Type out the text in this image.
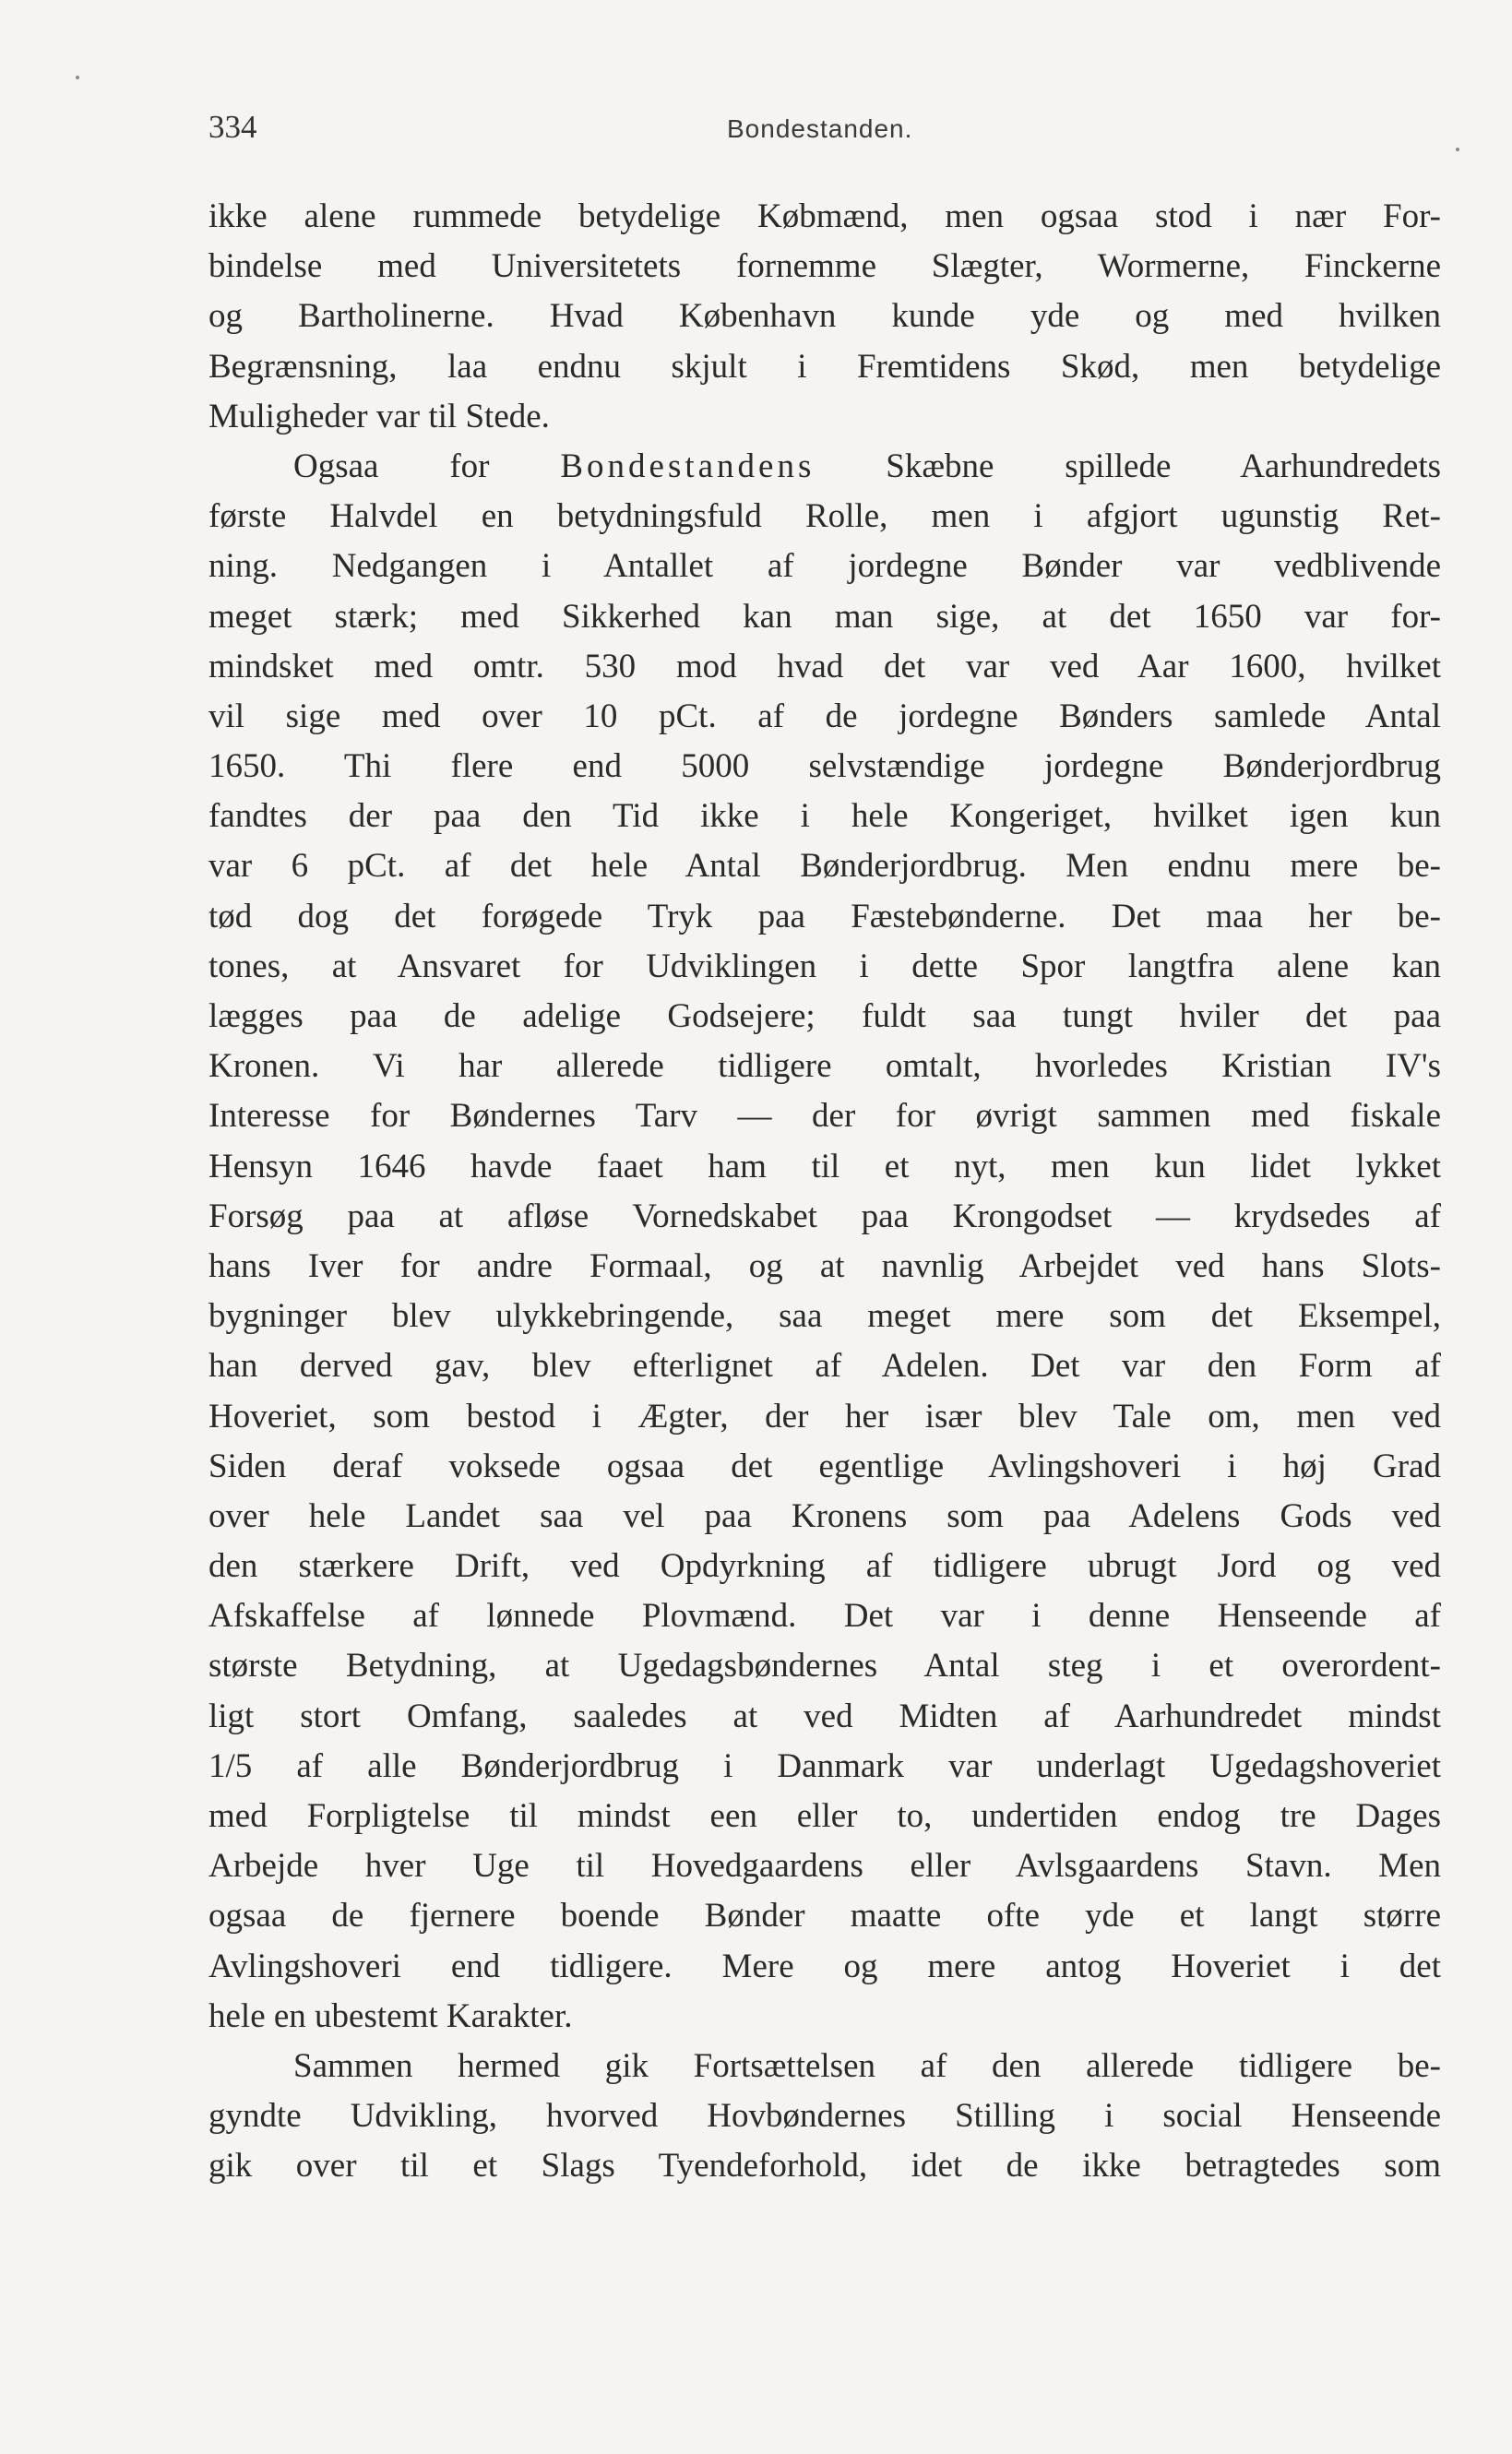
334	Bondestanden.
ikke alene rummede betydelige Købmænd, men ogsaa stod i nær For-
bindelse med Universitetets fornemme Slægter, Wormerne, Finckerne
og Bartholinerne. Hvad København kunde yde og med hvilken
Begrænsning, laa endnu skjult i Fremtidens Skød, men betydelige
Muligheder var til Stede.
Ogsaa for Bondestandens Skæbne spillede Aarhundredets
første Halvdel en betydningsfuld Rolle, men i afgjort ugunstig Ret-
ning. Nedgangen i Antallet af jordegne Bønder var vedblivende
meget stærk; med Sikkerhed kan man sige, at det 1650 var for-
mindsket med omtr. 530 mod hvad det var ved Aar 1600, hvilket
vil sige med over 10 pCt. af de jordegne Bønders samlede Antal
1650. Thi flere end 5000 selvstændige jordegne Bønderjordbrug
fandtes der paa den Tid ikke i hele Kongeriget, hvilket igen kun
var 6 pCt. af det hele Antal Bønderjordbrug. Men endnu mere be-
tød dog det forøgede Tryk paa Fæstebønderne. Det maa her be-
tones, at Ansvaret for Udviklingen i dette Spor langtfra alene kan
lægges paa de adelige Godsejere; fuldt saa tungt hviler det paa
Kronen. Vi har allerede tidligere omtalt, hvorledes Kristian IV's
Interesse for Bøndernes Tarv — der for øvrigt sammen med fiskale
Hensyn 1646 havde faaet ham til et nyt, men kun lidet lykket
Forsøg paa at afløse Vornedskabet paa Krongodset — krydsedes af
hans Iver for andre Formaal, og at navnlig Arbejdet ved hans Slots-
bygninger blev ulykkebringende, saa meget mere som det Eksempel,
han derved gav, blev efterlignet af Adelen. Det var den Form af
Hoveriet, som bestod i Ægter, der her især blev Tale om, men ved
Siden deraf voksede ogsaa det egentlige Avlingshoveri i høj Grad
over hele Landet saa vel paa Kronens som paa Adelens Gods ved
den stærkere Drift, ved Opdyrkning af tidligere ubrugt Jord og ved
Afskaffelse af lønnede Plovmænd. Det var i denne Henseende af
største Betydning, at Ugedagsbøndernes Antal steg i et overordent-
ligt stort Omfang, saaledes at ved Midten af Aarhundredet mindst
1/5 af alle Bønderjordbrug i Danmark var underlagt Ugedagshoveriet
med Forpligtelse til mindst een eller to, undertiden endog tre Dages
Arbejde hver Uge til Hovedgaardens eller Avlsgaardens Stavn. Men
ogsaa de fjernere boende Bønder maatte ofte yde et langt større
Avlingshoveri end tidligere. Mere og mere antog Hoveriet i det
hele en ubestemt Karakter.
Sammen hermed gik Fortsættelsen af den allerede tidligere be-
gyndte Udvikling, hvorved Hovbøndernes Stilling i social Henseende
gik over til et Slags Tyendeforhold, idet de ikke betragtedes som
